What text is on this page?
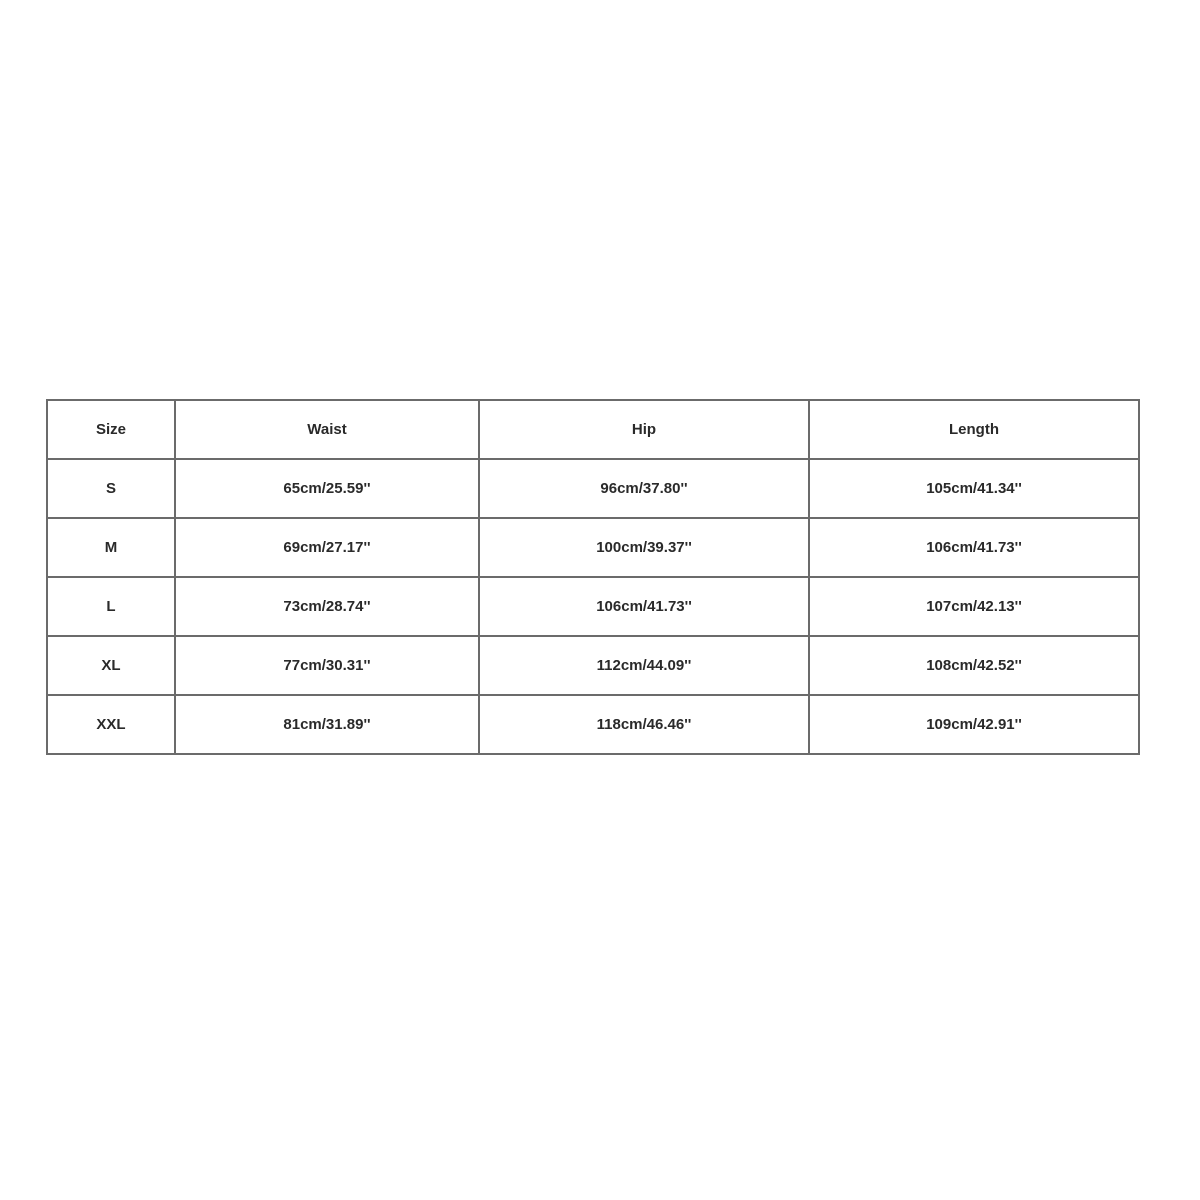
Size	Waist	Hip	Length
S	65cm/25.59''	96cm/37.80''	105cm/41.34''
M	69cm/27.17''	100cm/39.37''	106cm/41.73''
L	73cm/28.74''	106cm/41.73''	107cm/42.13''
XL	77cm/30.31''	112cm/44.09''	108cm/42.52''
XXL	81cm/31.89''	118cm/46.46''	109cm/42.91''
